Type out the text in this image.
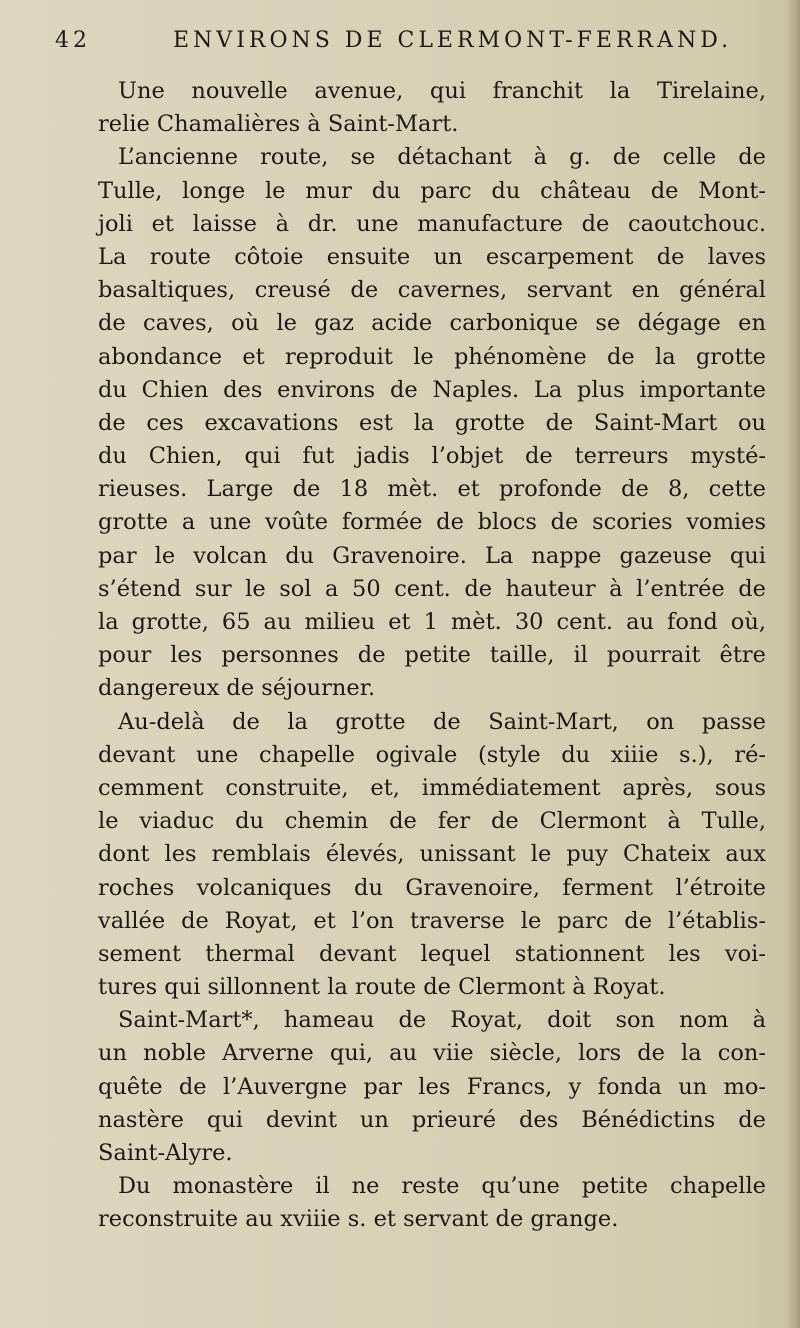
42	ENVIRONS DE CLERMONT-FERRAND.
Une nouvelle avenue, qui franchit la Tirelaine,
relie Chamalières à Saint-Mart.
L’ancienne route, se détachant à g. de celle de
Tulle, longe le mur du parc du château de Mont-
joli et laisse à dr. une manufacture de caoutchouc.
La route côtoie ensuite un escarpement de laves
basaltiques, creusé de cavernes, servant en général
de caves, où le gaz acide carbonique se dégage en
abondance et reproduit le phénomène de la grotte
du Chien des environs de Naples. La plus importante
de ces excavations est la grotte de Saint-Mart ou
du Chien, qui fut jadis l’objet de terreurs mysté-
rieuses. Large de 18 mèt. et profonde de 8, cette
grotte a une voûte formée de blocs de scories vomies
par le volcan du Gravenoire. La nappe gazeuse qui
s’étend sur le sol a 50 cent. de hauteur à l’entrée de
la grotte, 65 au milieu et 1 mèt. 30 cent. au fond où,
pour les personnes de petite taille, il pourrait être
dangereux de séjourner.
Au-delà de la grotte de Saint-Mart, on passe
devant une chapelle ogivale (style du xiiie s.), ré-
cemment construite, et, immédiatement après, sous
le viaduc du chemin de fer de Clermont à Tulle,
dont les remblais élevés, unissant le puy Chateix aux
roches volcaniques du Gravenoire, ferment l’étroite
vallée de Royat, et l’on traverse le parc de l’établis-
sement thermal devant lequel stationnent les voi-
tures qui sillonnent la route de Clermont à Royat.
Saint-Mart*, hameau de Royat, doit son nom à
un noble Arverne qui, au viie siècle, lors de la con-
quête de l’Auvergne par les Francs, y fonda un mo-
nastère qui devint un prieuré des Bénédictins de
Saint-Alyre.
Du monastère il ne reste qu’une petite chapelle
reconstruite au xviiie s. et servant de grange.
